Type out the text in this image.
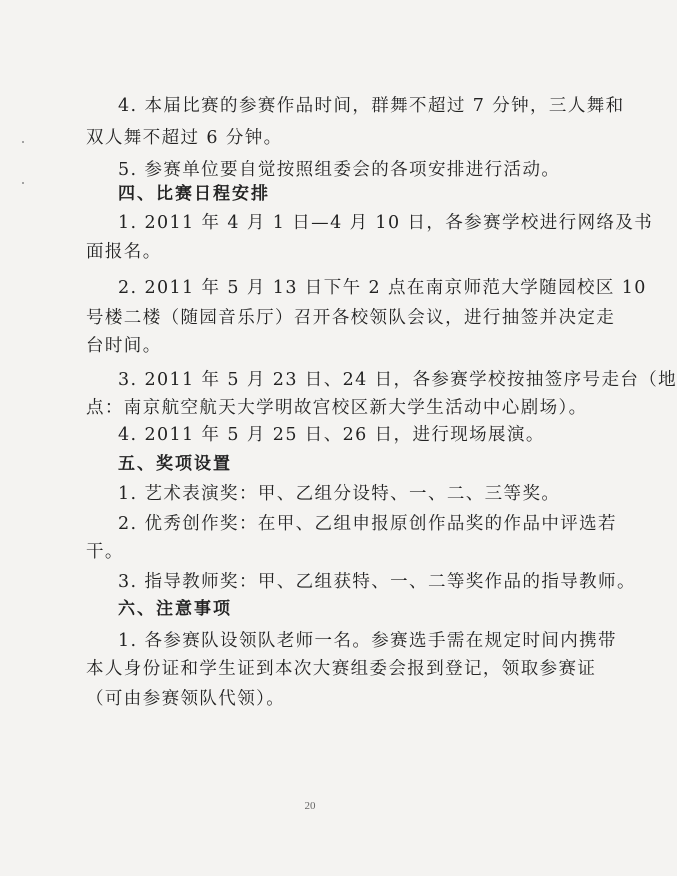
4. 本届比赛的参赛作品时间，群舞不超过 7 分钟，三人舞和
双人舞不超过 6 分钟。
5. 参赛单位要自觉按照组委会的各项安排进行活动。
四、比赛日程安排
1. 2011 年 4 月 1 日—4 月 10 日，各参赛学校进行网络及书
面报名。
2. 2011 年 5 月 13 日下午 2 点在南京师范大学随园校区 10
号楼二楼（随园音乐厅）召开各校领队会议，进行抽签并决定走
台时间。
3. 2011 年 5 月 23 日、24 日，各参赛学校按抽签序号走台（地
点：南京航空航天大学明故宫校区新大学生活动中心剧场）。
4. 2011 年 5 月 25 日、26 日，进行现场展演。
五、奖项设置
1. 艺术表演奖：甲、乙组分设特、一、二、三等奖。
2. 优秀创作奖：在甲、乙组申报原创作品奖的作品中评选若
干。
3. 指导教师奖：甲、乙组获特、一、二等奖作品的指导教师。
六、注意事项
1. 各参赛队设领队老师一名。参赛选手需在规定时间内携带
本人身份证和学生证到本次大赛组委会报到登记，领取参赛证
（可由参赛领队代领）。
20
